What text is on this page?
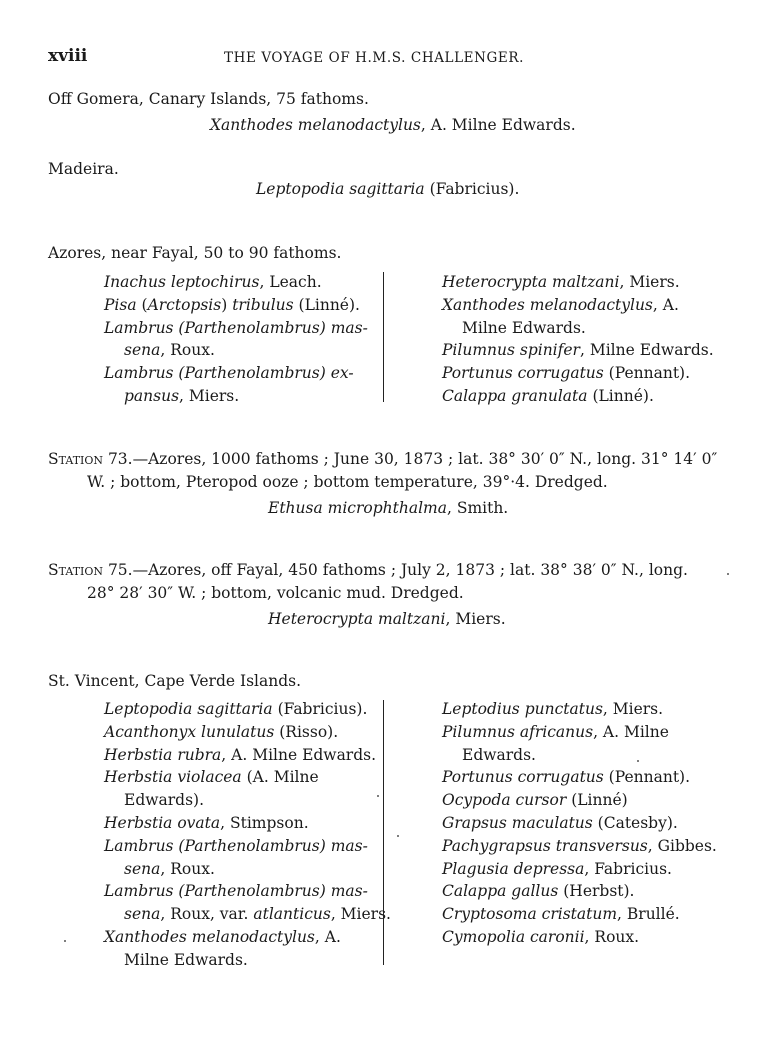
xviii	THE VOYAGE OF H.M.S. CHALLENGER.
Off Gomera, Canary Islands, 75 fathoms.
Xanthodes melanodactylus, A. Milne Edwards.
Madeira.
Leptopodia sagittaria (Fabricius).
Azores, near Fayal, 50 to 90 fathoms.
Inachus leptochirus, Leach.
Pisa (Arctopsis) tribulus (Linné).
Lambrus (Parthenolambrus) mas-
sena, Roux.
Lambrus (Parthenolambrus) ex-
pansus, Miers.
Heterocrypta maltzani, Miers.
Xanthodes melanodactylus, A.
Milne Edwards.
Pilumnus spinifer, Milne Edwards.
Portunus corrugatus (Pennant).
Calappa granulata (Linné).
Station 73.—Azores, 1000 fathoms ; June 30, 1873 ; lat. 38° 30′ 0″ N., long. 31° 14′ 0″
W. ; bottom, Pteropod ooze ; bottom temperature, 39°·4. Dredged.
Ethusa microphthalma, Smith.
Station 75.—Azores, off Fayal, 450 fathoms ; July 2, 1873 ; lat. 38° 38′ 0″ N., long.
28° 28′ 30″ W. ; bottom, volcanic mud. Dredged.
Heterocrypta maltzani, Miers.
St. Vincent, Cape Verde Islands.
Leptopodia sagittaria (Fabricius).
Acanthonyx lunulatus (Risso).
Herbstia rubra, A. Milne Edwards.
Herbstia violacea (A. Milne
Edwards).
Herbstia ovata, Stimpson.
Lambrus (Parthenolambrus) mas-
sena, Roux.
Lambrus (Parthenolambrus) mas-
sena, Roux, var. atlanticus, Miers.
Xanthodes melanodactylus, A.
Milne Edwards.
Leptodius punctatus, Miers.
Pilumnus africanus, A. Milne
Edwards.
Portunus corrugatus (Pennant).
Ocypoda cursor (Linné)
Grapsus maculatus (Catesby).
Pachygrapsus transversus, Gibbes.
Plagusia depressa, Fabricius.
Calappa gallus (Herbst).
Cryptosoma cristatum, Brullé.
Cymopolia caronii, Roux.
